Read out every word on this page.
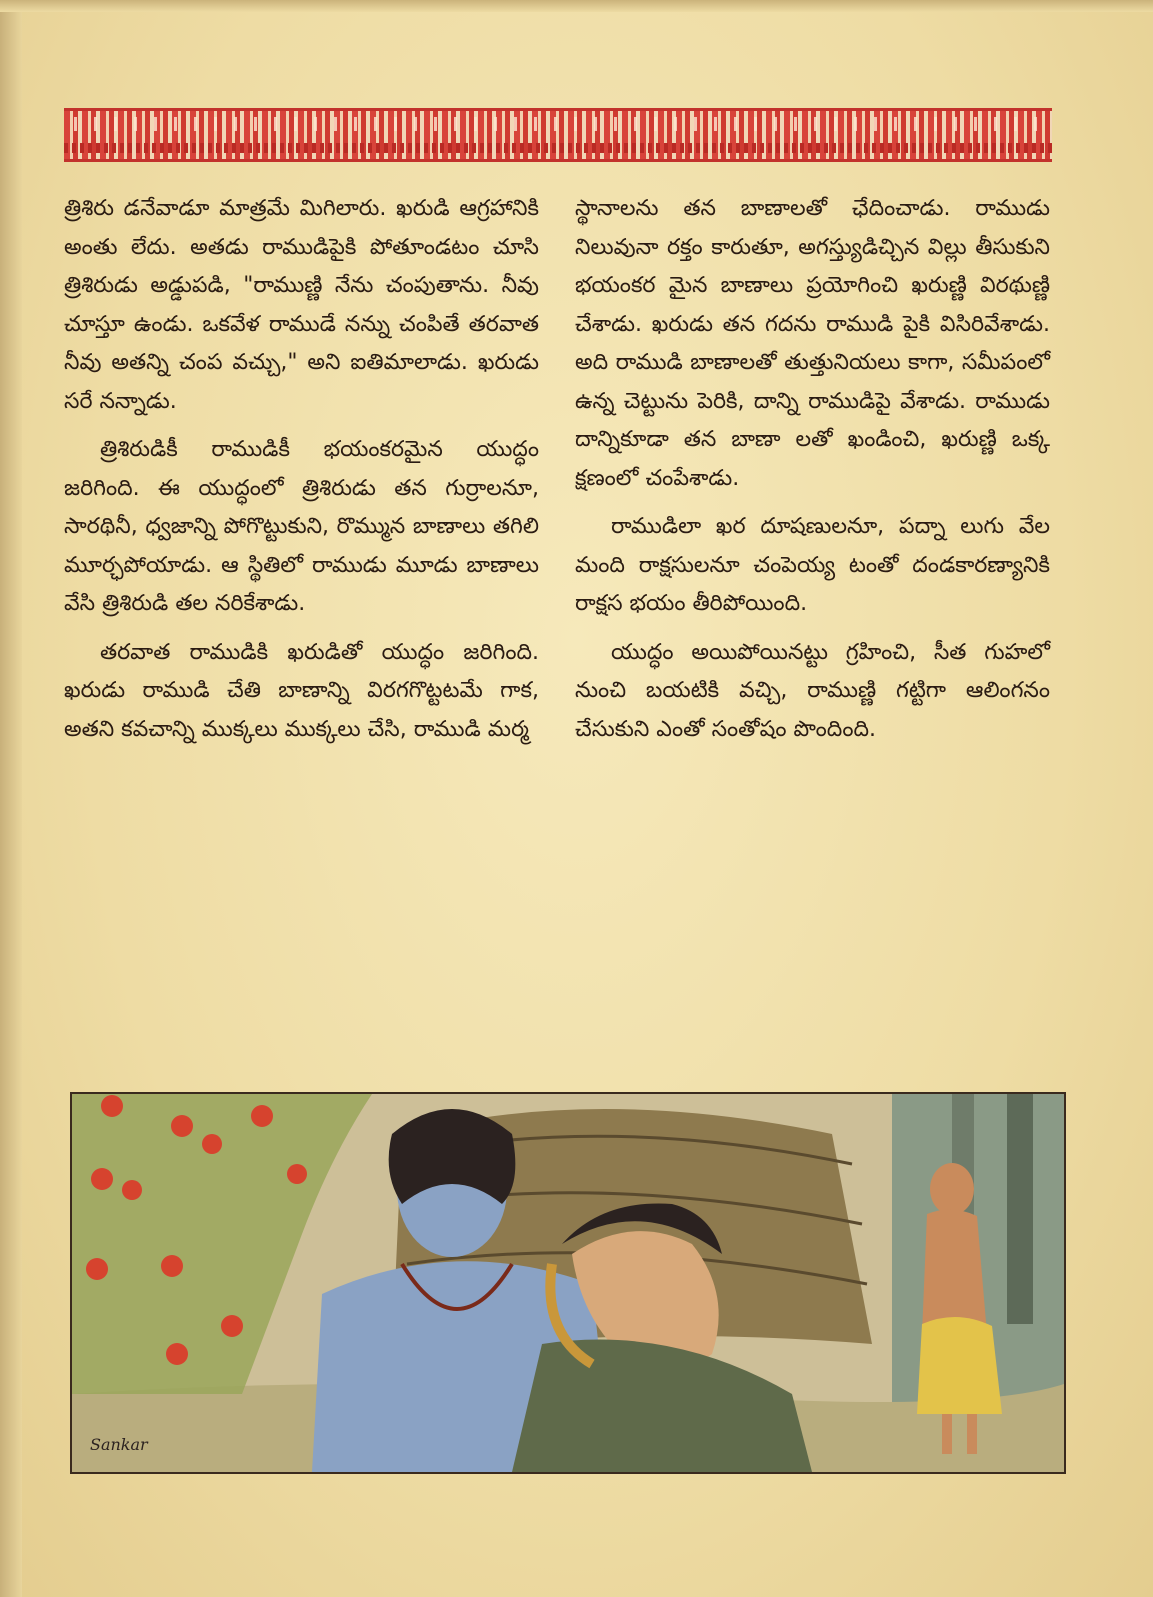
త్రిశిరు డనేవాడూ మాత్రమే మిగిలారు. ఖరుడి ఆగ్రహానికి అంతు లేదు. అతడు రాముడిపైకి పోతూండటం చూసి త్రిశిరుడు అడ్డుపడి, "రాముణ్ణి నేను చంపుతాను. నీవు చూస్తూ ఉండు. ఒకవేళ రాముడే నన్ను చంపితే తరవాత నీవు అతన్ని చంప వచ్చు," అని ఐతిమాలాడు. ఖరుడు సరే నన్నాడు.

త్రిశిరుడికీ రాముడికీ భయంకరమైన యుద్ధం జరిగింది. ఈ యుద్ధంలో త్రిశిరుడు తన గుర్రాలనూ, సారథినీ, ధ్వజాన్ని పోగొట్టుకుని, రొమ్మున బాణాలు తగిలి మూర్ఛపోయాడు. ఆ స్థితిలో రాముడు మూడు బాణాలు వేసి త్రిశిరుడి తల నరికేశాడు.

తరవాత రాముడికి ఖరుడితో యుద్ధం జరిగింది. ఖరుడు రాముడి చేతి బాణాన్ని విరగగొట్టటమే గాక, అతని కవచాన్ని ముక్కలు ముక్కలు చేసి, రాముడి మర్మ

స్థానాలను తన బాణాలతో ఛేదించాడు. రాముడు నిలువునా రక్తం కారుతూ, అగస్త్యుడిచ్చిన విల్లు తీసుకుని భయంకర మైన బాణాలు ప్రయోగించి ఖరుణ్ణి విరథుణ్ణి చేశాడు. ఖరుడు తన గదను రాముడి పైకి విసిరివేశాడు. అది రాముడి బాణాలతో తుత్తునియలు కాగా, సమీపంలో ఉన్న చెట్టును పెరికి, దాన్ని రాముడిపై వేశాడు. రాముడు దాన్నికూడా తన బాణా లతో ఖండించి, ఖరుణ్ణి ఒక్క క్షణంలో చంపేశాడు.

రాముడిలా ఖర దూషణులనూ, పద్నా లుగు వేల మంది రాక్షసులనూ చంపెయ్య టంతో దండకారణ్యానికి రాక్షస భయం తీరిపోయింది.

యుద్ధం అయిపోయినట్టు గ్రహించి, సీత గుహలో నుంచి బయటికి వచ్చి, రాముణ్ణి గట్టిగా ఆలింగనం చేసుకుని ఎంతో సంతోషం పొందింది.

Sankar
